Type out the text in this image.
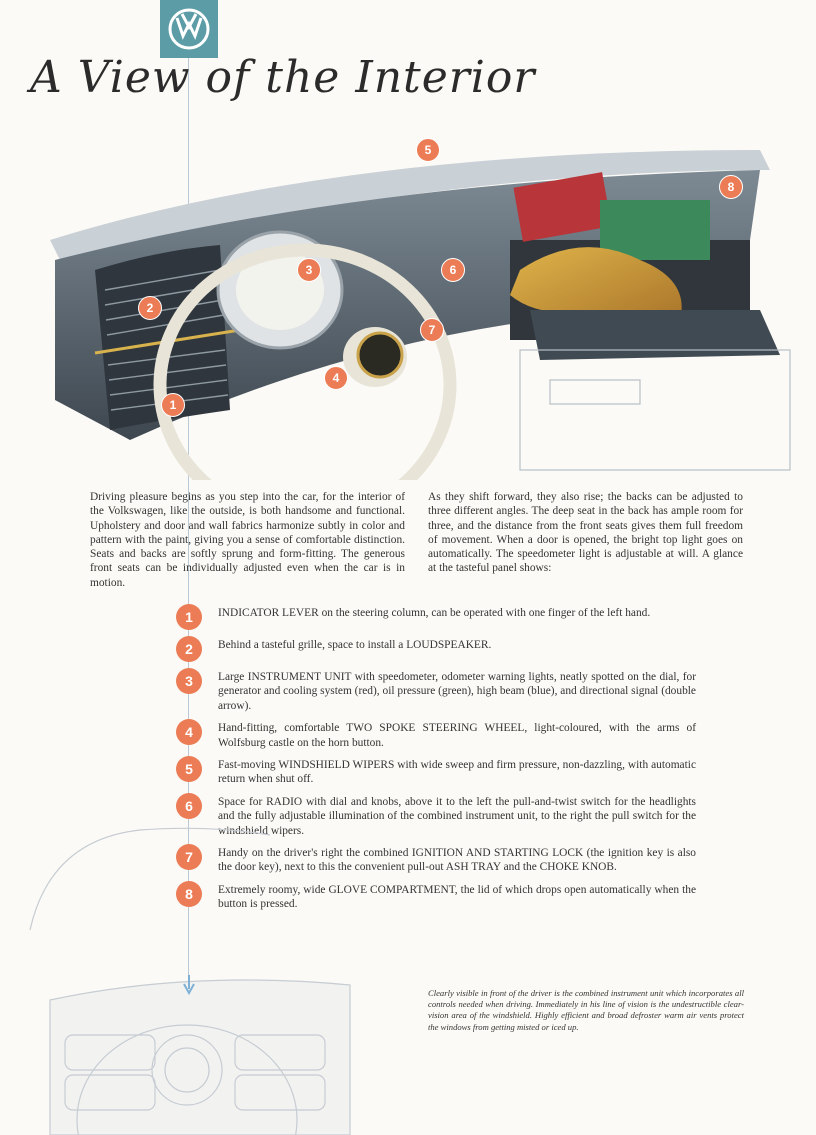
A View of the Interior
1
2
3
4
5
6
7
8
Driving pleasure begins as you step into the car, for the interior of the Volkswagen, like the outside, is both handsome and functional. Upholstery and door and wall fabrics harmonize subtly in color and pattern with the paint, giving you a sense of comfortable distinction. Seats and backs are softly sprung and form-fitting. The generous front seats can be individually adjusted even when the car is in motion.
As they shift forward, they also rise; the backs can be adjusted to three different angles. The deep seat in the back has ample room for three, and the distance from the front seats gives them full freedom of movement. When a door is opened, the bright top light goes on automatically. The speedometer light is adjustable at will. A glance at the tasteful panel shows:
1	INDICATOR LEVER on the steering column, can be operated with one finger of the left hand.
2	Behind a tasteful grille, space to install a LOUDSPEAKER.
3	Large INSTRUMENT UNIT with speedometer, odometer warning lights, neatly spotted on the dial, for generator and cooling system (red), oil pressure (green), high beam (blue), and directional signal (double arrow).
4	Hand-fitting, comfortable TWO SPOKE STEERING WHEEL, light-coloured, with the arms of Wolfsburg castle on the horn button.
5	Fast-moving WINDSHIELD WIPERS with wide sweep and firm pressure, non-dazzling, with automatic return when shut off.
6	Space for RADIO with dial and knobs, above it to the left the pull-and-twist switch for the headlights and the fully adjustable illumination of the combined instrument unit, to the right the pull switch for the windshield wipers.
7	Handy on the driver's right the combined IGNITION AND STARTING LOCK (the ignition key is also the door key), next to this the convenient pull-out ASH TRAY and the CHOKE KNOB.
8	Extremely roomy, wide GLOVE COMPARTMENT, the lid of which drops open automatically when the button is pressed.
Clearly visible in front of the driver is the combined instrument unit which incorporates all controls needed when driving. Immediately in his line of vision is the undestructible clear-vision area of the windshield. Highly efficient and broad defroster warm air vents protect the windows from getting misted or iced up.
